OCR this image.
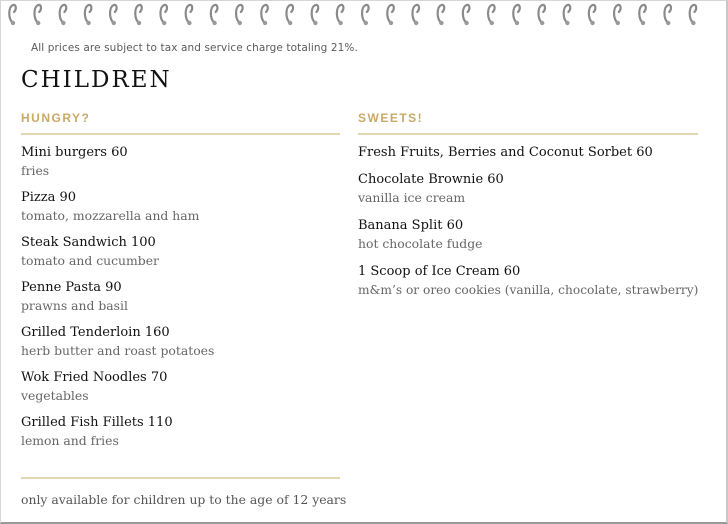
All prices are subject to tax and service charge totaling 21%.
CHILDREN
HUNGRY?
Mini burgers 60
fries
Pizza 90
tomato, mozzarella and ham
Steak Sandwich 100
tomato and cucumber
Penne Pasta 90
prawns and basil
Grilled Tenderloin 160
herb butter and roast potatoes
Wok Fried Noodles 70
vegetables
Grilled Fish Fillets 110
lemon and fries
SWEETS!
Fresh Fruits, Berries and Coconut Sorbet 60
Chocolate Brownie 60
vanilla ice cream
Banana Split 60
hot chocolate fudge
1 Scoop of Ice Cream 60
m&m’s or oreo cookies (vanilla, chocolate, strawberry)
only available for children up to the age of 12 years
